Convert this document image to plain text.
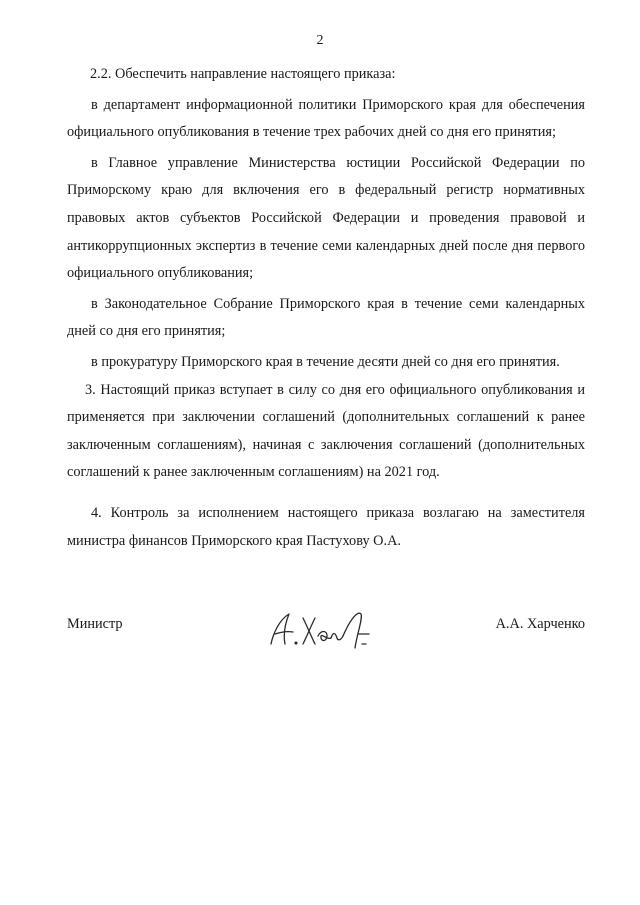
2

2.2. Обеспечить направление настоящего приказа:

в департамент информационной политики Приморского края для обеспечения официального опубликования в течение трех рабочих дней со дня его принятия;

в Главное управление Министерства юстиции Российской Федерации по Приморскому краю для включения его в федеральный регистр нормативных правовых актов субъектов Российской Федерации и проведения правовой и антикоррупционных экспертиз в течение семи календарных дней после дня первого официального опубликования;

в Законодательное Собрание Приморского края в течение семи календарных дней со дня его принятия;

в прокуратуру Приморского края в течение десяти дней со дня его принятия.

3. Настоящий приказ вступает в силу со дня его официального опубликования и применяется при заключении соглашений (дополнительных соглашений к ранее заключенным соглашениям), начиная с заключения соглашений (дополнительных соглашений к ранее заключенным соглашениям) на 2021 год.

4. Контроль за исполнением настоящего приказа возлагаю на заместителя министра финансов Приморского края Пастухову О.А.

Министр	А.А. Харченко
